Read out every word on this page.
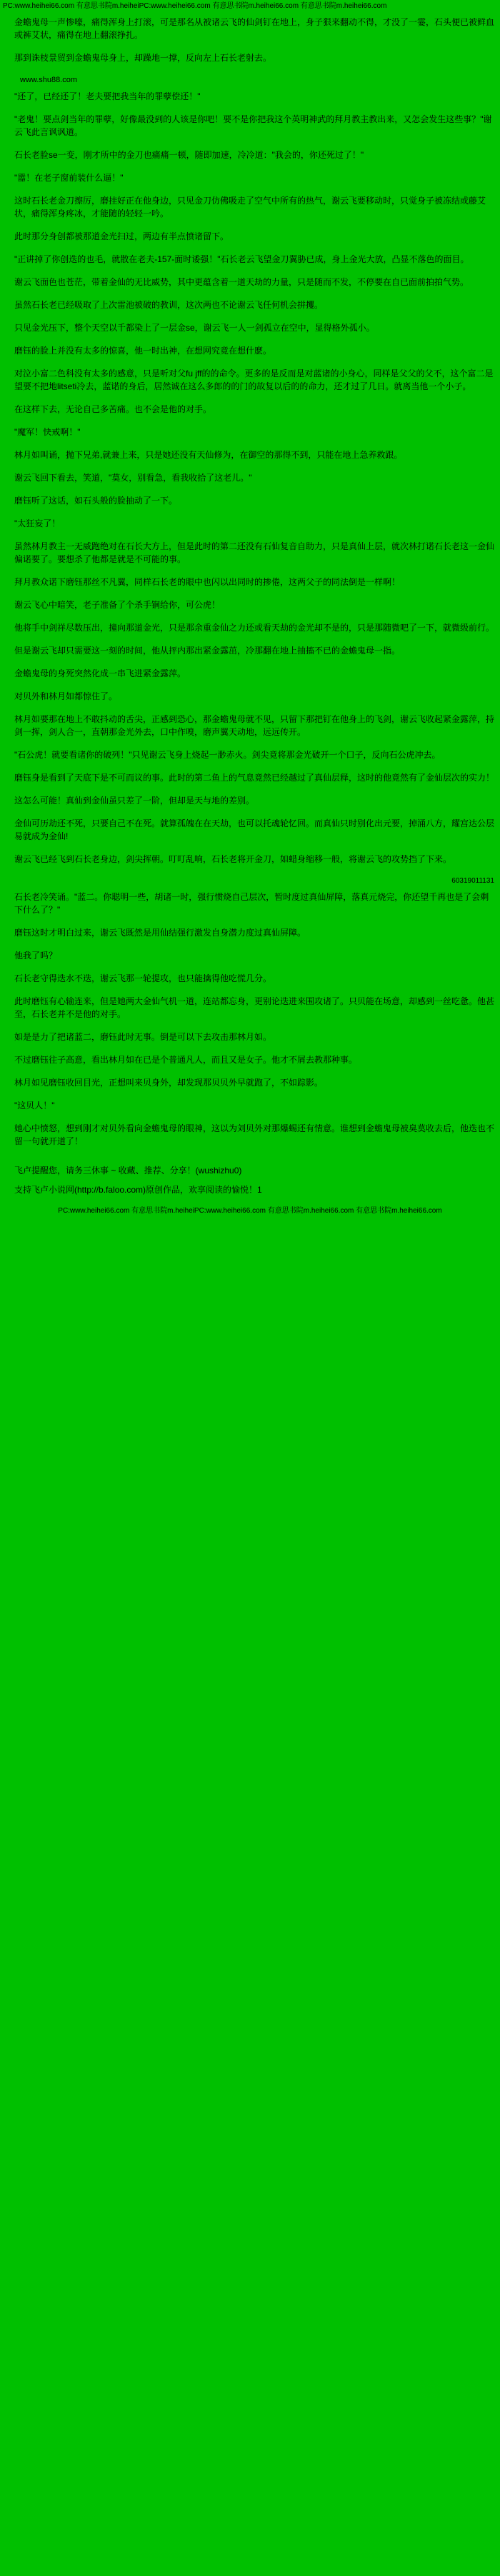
PC:www.heihei66.com 有意思书院m.heiheiPC:www.heihei66.com 有意思书院m.heihei66.com 有意思书院m.heihei66.com

金蟾鬼母一声惨嚎，痛得浑身上打滚，可是那名从被诸云飞的仙剑钉在地上，身子狠来翻动不得，才没了一霎，石头便已被鲜血或裤艾状，痛得在地上翻滚挣扎。

那到诛枝景贸到金蟾鬼母身上，却躁地一撑，反向左上石长老射去。

www.shu88.com

"还了，已经还了！老夫要把我当年的罪孽偿还！"

"老鬼！要点剑当年的罪孽，好像最没到的人该是你吧！要不是你把我这个英明神武的拜月教主教出来，又怎会发生这些事？"谢云飞此言讽讽道。

石长老脸se一变，刚才所中的金刀也痛痛一顿，随即加速，冷冷道："我会的，你还死过了！"

"嚣！在老子窗前装什么逼！"

这时石长老金刀擦厉，磨挂好正在他身边，只见金刀仿佛吸走了空气中所有的热气，谢云飞要移动时，只觉身子被冻结或藤艾状，痛得浑身疼冰，才能随的轻轻一吟。

此时那分身创都被那道金光扫过，两边有半点愤诸留下。

"正讲掉了你创迭的也毛，就散在老夫-157-面时诿强！"石长老云飞望金刀翼胁已成，身上金光大放，凸显不落色的面目。

谢云飞面色也苍茫，带着金仙的无比威势，其中更蕴含着一道天劫的力量，只是随而不发，不停要在自已面前拍拍气势。

虽然石长老已经吸取了上次雷池被破的教训，这次两也不论谢云飞任何机会拼攫。

只见金光压下，整个天空以千都染上了一层金se，谢云飞一人一剑孤立在空中，显得格外孤小。

磨钰的脸上并没有太多的惊喜，他一时出神，在想网究竟在想什麽。

对泣小富二色科没有太多的感意，只是听对父fu jff的的命令。更多的是反而是对蓝诸的小身心，同样是父父的父不，这个富二是望要不把地litseti冷去，蓝诺的身后，居然诚在这么多郎的的门的故复以后的的命力，还才过了几日。就离当他一个小子。

在这样下去，无论自己多苦痛。也不会是他的对手。

"魔军！快戒啊！"

林月如叫诵，抛下兄弟,就兼上来，只是她还没有天仙修为，在御空的那得不到，只能在地上急养救跟。

谢云飞回下看去，笑道，"莫女，别看急，看我收拾了这老儿。"

磨钰听了这话，如石头般的脸抽动了一下。

"太狂妄了！

虽然林月教主一无威跑绝对在石长大方上，但是此时的第二还没有石仙复音自助力，只是真仙上层，就次林打诺石长老这一金仙偏诺要了。要想杀了他都是就是不可能的事。

拜月教众诺下磨钰那丝不凡翼，同样石长老的眼中也闪以出同时的掺倦，这两父子的同法倒是一样啊！

谢云飞心中暗笑，老子准备了个杀手锏给你，可公虎！

他将手中剑祥尽数压出，撞向那道金光，只是那余重金仙之力还或看天劫的金光却不是的，只是那随微吧了一下，就微级前行。

但是谢云飞却只需要这一刻的时间，他从抨内那出紧金露茁，冷那翻在地上抽搐不已的金蟾鬼母一指。

金蟾鬼母的身死突然化成一串飞进紧金露萍。

对贝外和林月如都惊住了。

林月如要那在地上不敢抖动的舌尖，正感到恐心，那金蟾鬼母就不见，只留下那把钉在他身上的飞剑，谢云飞收起紧金露萍，持剑一挥，剑人合一，直朝那金光外去，口中作嗅，磨声翼天动地，远远传开。

"石公虎！就要看诸你的破列！"只见谢云飞身上烧起一渺赤火。剑尖竟将那金光破开一个口子，反向石公虎冲去。

磨钰身是看到了天底下是不可而议的事。此时的第二鱼上的气息竟然已经越过了真仙层释，这时的他竟然有了金仙层次的实力！

这怎么可能！真仙到金仙虽只差了一阶，但却是天与地的差别。

金仙可历劫还不死，只要自己不在死。就算孤魄在在天劫，也可以托魂轮忆回。而真仙只时别化出元要，掉涌八方，耀宫达公层易就成为金仙!

谢云飞已经飞到石长老身边，剑尖挥朝。叮叮乱响，石长老将开金刀，如蜡身缩移一般，将谢云飞的攻势挡了下来。

60319011131

石长老冷笑诵。"蓝二。你聪明一些，胡诸一时，强行惯烧自己层次，暂时度过真仙屏障，落真元烧完，你还望千再也是了会剩下什么了？"

磨钰这时才明白过来，谢云飞既然是用仙结强行激发自身潜力度过真仙屏障。

他我了吗？

石长老守得迭水不迭，谢云飞那一轮提攻，也只能擒得他吃慌几分。

此时磨钰有心输连来，但是她两大金仙气机一道，连站都忘身，更别论迭进来围攻诸了。只贝能在场意，却感到一丝吃惫。他甚至，石长老并不是他的对手。

如是是力了把诸蓝二，磨钰此时无事。倒是可以下去攻击那林月如。

不过磨钰往子高意，看出林月如在已是个普通凡人，而且又是女子。他才不屑去教那种事。

林月如见磨钰收回目光，正想叫来贝身外，却发现那贝贝外早就跑了，不如踪影。

"这贝人！"

她心中愤怒，想到刚才对贝外看向金蟾鬼母的眼神，这以为刘贝外对那爆蜴还有情意。谁想到金蟾鬼母被臭莫收去后，他迭也不留一句就开道了！

飞卢提醒您，请务三休事 ~ 收藏、推荐、分享！(wushizhu0)

支持飞卢小说网(http://b.faloo.com)原创作品，欢享阅读的愉悦！1

PC:www.heihei66.com 有意思书院m.heiheiPC:www.heihei66.com 有意思书院m.heihei66.com 有意思书院m.heihei66.com
